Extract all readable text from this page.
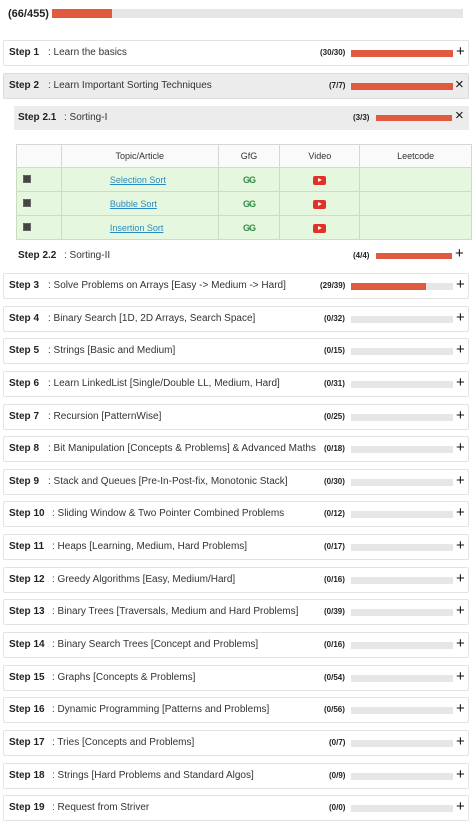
(66/455)
Step 1 : Learn the basics	(30/30)	+
Step 2 : Learn Important Sorting Techniques	(7/7)	×
Step 2.1 : Sorting-I	(3/3)	×
	Topic/Article	GfG	Video	Leetcode
	Selection Sort	GG		
	Bubble Sort	GG		
	Insertion Sort	GG		
Step 2.2 : Sorting-II	(4/4)	+
Step 3 : Solve Problems on Arrays [Easy -> Medium -> Hard]	(29/39)	+
Step 4 : Binary Search [1D, 2D Arrays, Search Space]	(0/32)	+
Step 5 : Strings [Basic and Medium]	(0/15)	+
Step 6 : Learn LinkedList [Single/Double LL, Medium, Hard]	(0/31)	+
Step 7 : Recursion [PatternWise]	(0/25)	+
Step 8 : Bit Manipulation [Concepts & Problems] & Advanced Maths (0/18)	+
Step 9 : Stack and Queues [Pre-In-Post-fix, Monotonic Stack]	(0/30)	+
Step 10 : Sliding Window & Two Pointer Combined Problems	(0/12)	+
Step 11 : Heaps [Learning, Medium, Hard Problems]	(0/17)	+
Step 12 : Greedy Algorithms [Easy, Medium/Hard]	(0/16)	+
Step 13 : Binary Trees [Traversals, Medium and Hard Problems]	(0/39)	+
Step 14 : Binary Search Trees [Concept and Problems]	(0/16)	+
Step 15 : Graphs [Concepts & Problems]	(0/54)	+
Step 16 : Dynamic Programming [Patterns and Problems]	(0/56)	+
Step 17 : Tries [Concepts and Problems]	(0/7)	+
Step 18 : Strings [Hard Problems and Standard Algos]	(0/9)	+
Step 19 : Request from Striver	(0/0)	+
